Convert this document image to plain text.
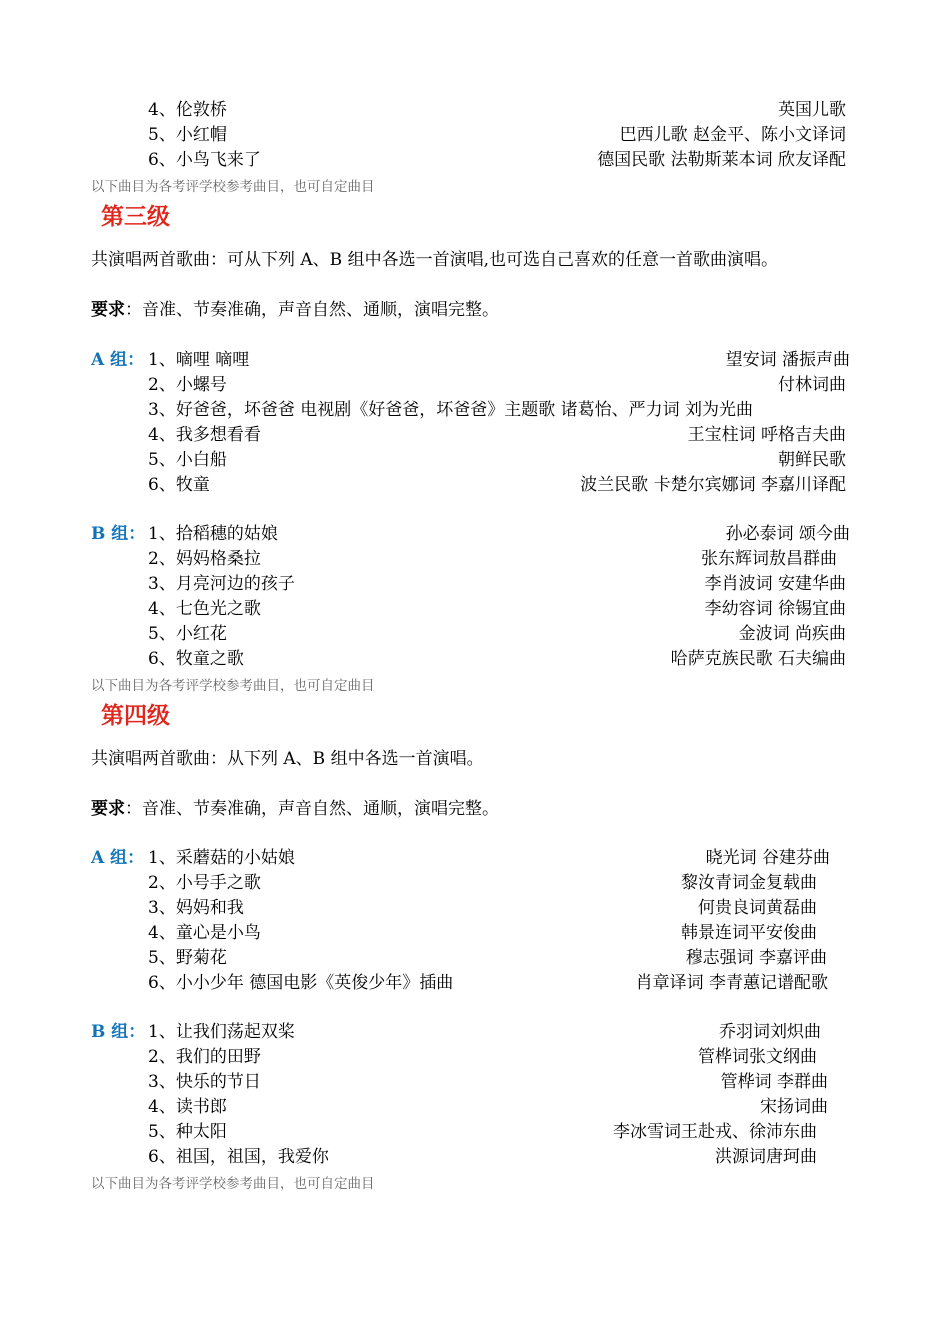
4、伦敦桥	英国儿歌
5、小红帽	巴西儿歌 赵金平、陈小文译词
6、小鸟飞来了	德国民歌 法勒斯莱本词 欣友译配
以下曲目为各考评学校参考曲目，也可自定曲目
第三级
共演唱两首歌曲：可从下列 A、B 组中各选一首演唱,也可选自己喜欢的任意一首歌曲演唱。
要求：音准、节奏准确，声音自然、通顺，演唱完整。
A 组： 1、嘀哩 嘀哩	望安词 潘振声曲
2、小螺号	付林词曲
3、好爸爸，坏爸爸 电视剧《好爸爸，坏爸爸》主题歌 诸葛怡、严力词 刘为光曲
4、我多想看看	王宝柱词 呼格吉夫曲
5、小白船	朝鲜民歌
6、牧童	波兰民歌 卡楚尔宾娜词 李嘉川译配
B 组： 1、拾稻穗的姑娘	孙必泰词 颂今曲
2、妈妈格桑拉	张东辉词敖昌群曲
3、月亮河边的孩子	李肖波词 安建华曲
4、七色光之歌	李幼容词 徐锡宜曲
5、小红花	金波词 尚疾曲
6、牧童之歌	哈萨克族民歌 石夫编曲
以下曲目为各考评学校参考曲目，也可自定曲目
第四级
共演唱两首歌曲：从下列 A、B 组中各选一首演唱。
要求：音准、节奏准确，声音自然、通顺，演唱完整。
A 组： 1、采蘑菇的小姑娘	晓光词 谷建芬曲
2、小号手之歌	黎汝青词金复载曲
3、妈妈和我	何贵良词黄磊曲
4、童心是小鸟	韩景连词平安俊曲
5、野菊花	穆志强词 李嘉评曲
6、小小少年 德国电影《英俊少年》插曲	肖章译词 李青蕙记谱配歌
B 组： 1、让我们荡起双桨	乔羽词刘炽曲
2、我们的田野	管桦词张文纲曲
3、快乐的节日	管桦词 李群曲
4、读书郎	宋扬词曲
5、种太阳	李冰雪词王赴戎、徐沛东曲
6、祖国，祖国，我爱你	洪源词唐珂曲
以下曲目为各考评学校参考曲目，也可自定曲目
